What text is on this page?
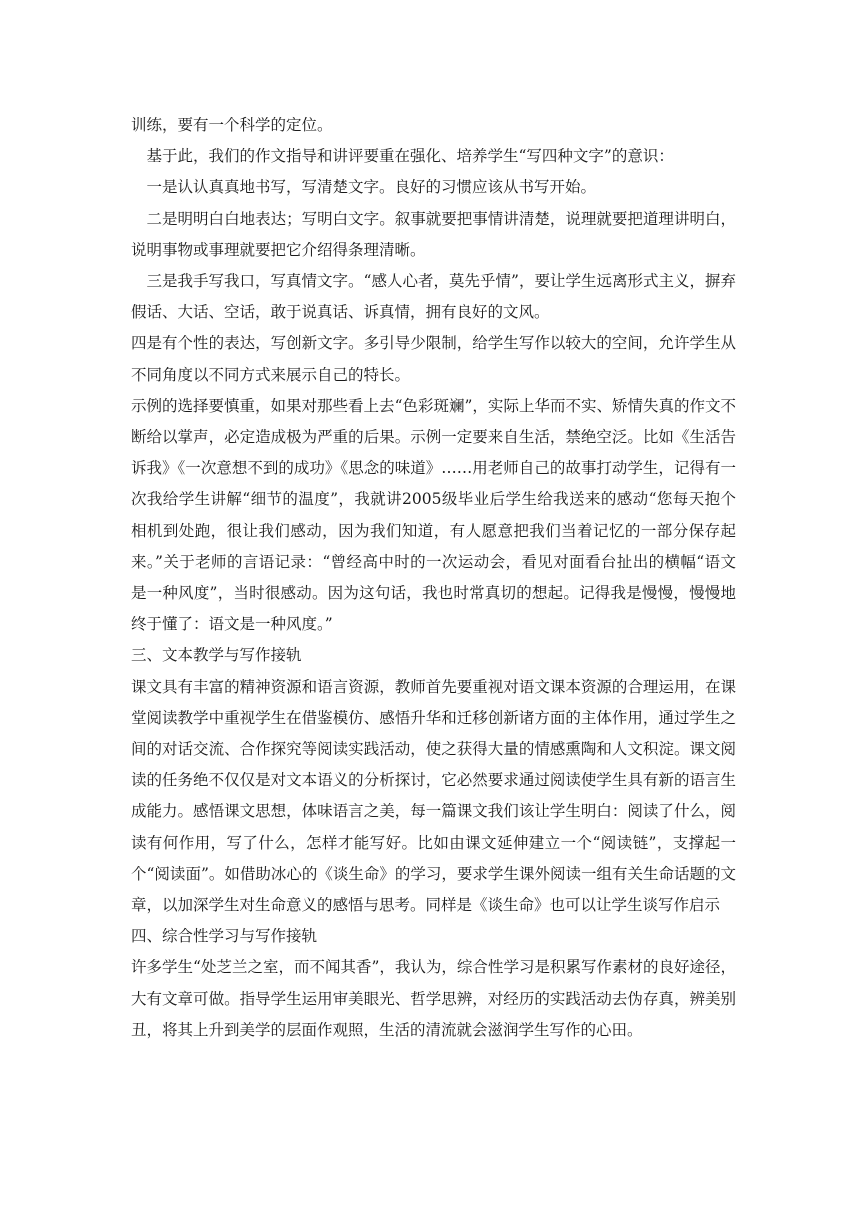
训练，要有一个科学的定位。

基于此，我们的作文指导和讲评要重在强化、培养学生“写四种文字”的意识：

一是认认真真地书写，写清楚文字。良好的习惯应该从书写开始。

二是明明白白地表达；写明白文字。叙事就要把事情讲清楚，说理就要把道理讲明白，说明事物或事理就要把它介绍得条理清晰。

三是我手写我口，写真情文字。“感人心者，莫先乎情”，要让学生远离形式主义，摒弃假话、大话、空话，敢于说真话、诉真情，拥有良好的文风。

四是有个性的表达，写创新文字。多引导少限制，给学生写作以较大的空间，允许学生从不同角度以不同方式来展示自己的特长。

示例的选择要慎重，如果对那些看上去“色彩斑斓”，实际上华而不实、矫情失真的作文不断给以掌声，必定造成极为严重的后果。示例一定要来自生活，禁绝空泛。比如《生活告诉我》《一次意想不到的成功》《思念的味道》……用老师自己的故事打动学生，记得有一次我给学生讲解“细节的温度”，我就讲2005级毕业后学生给我送来的感动“您每天抱个相机到处跑，很让我们感动，因为我们知道，有人愿意把我们当着记忆的一部分保存起来。”关于老师的言语记录：“曾经高中时的一次运动会，看见对面看台扯出的横幅“语文是一种风度”，当时很感动。因为这句话，我也时常真切的想起。记得我是慢慢，慢慢地终于懂了：语文是一种风度。”

三、文本教学与写作接轨

课文具有丰富的精神资源和语言资源，教师首先要重视对语文课本资源的合理运用，在课堂阅读教学中重视学生在借鉴模仿、感悟升华和迁移创新诸方面的主体作用，通过学生之间的对话交流、合作探究等阅读实践活动，使之获得大量的情感熏陶和人文积淀。课文阅读的任务绝不仅仅是对文本语义的分析探讨，它必然要求通过阅读使学生具有新的语言生成能力。感悟课文思想，体味语言之美，每一篇课文我们该让学生明白：阅读了什么，阅读有何作用，写了什么，怎样才能写好。比如由课文延伸建立一个“阅读链”，支撑起一个“阅读面”。如借助冰心的《谈生命》的学习，要求学生课外阅读一组有关生命话题的文章，以加深学生对生命意义的感悟与思考。同样是《谈生命》也可以让学生谈写作启示

四、综合性学习与写作接轨

许多学生“处芝兰之室，而不闻其香”，我认为，综合性学习是积累写作素材的良好途径，大有文章可做。指导学生运用审美眼光、哲学思辨，对经历的实践活动去伪存真，辨美别丑，将其上升到美学的层面作观照，生活的清流就会滋润学生写作的心田。
